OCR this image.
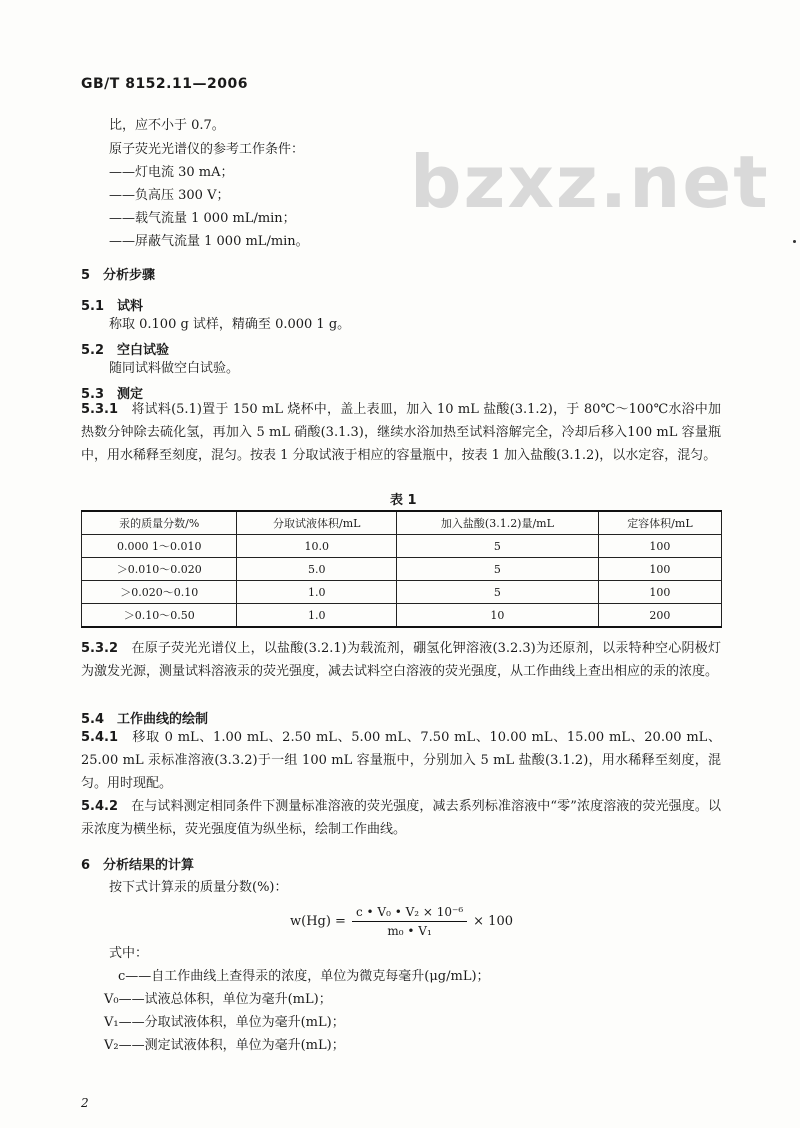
GB/T 8152.11—2006
bzxz.net
比，应不小于 0.7。
原子荧光光谱仪的参考工作条件：
——灯电流 30 mA；
——负高压 300 V；
——载气流量 1 000 mL/min；
——屏蔽气流量 1 000 mL/min。
5　分析步骤
5.1　试料
称取 0.100 g 试样，精确至 0.000 1 g。
5.2　空白试验
随同试料做空白试验。
5.3　测定
5.3.1　 将试料(5.1)置于 150 mL 烧杯中，盖上表皿，加入 10 mL 盐酸(3.1.2)，于 80℃～100℃水浴中加热数分钟除去硫化氢，再加入 5 mL 硝酸(3.1.3)，继续水浴加热至试料溶解完全，冷却后移入100 mL 容量瓶中，用水稀释至刻度，混匀。按表 1 分取试液于相应的容量瓶中，按表 1 加入盐酸(3.1.2)，以水定容，混匀。
表 1
汞的质量分数/%	分取试液体积/mL	加入盐酸(3.1.2)量/mL	定容体积/mL
0.000 1～0.010	10.0	5	100
＞0.010～0.020	5.0	5	100
＞0.020～0.10	1.0	5	100
＞0.10～0.50	1.0	10	200
5.3.2　 在原子荧光光谱仪上，以盐酸(3.2.1)为载流剂，硼氢化钾溶液(3.2.3)为还原剂，以汞特种空心阴极灯为激发光源，测量试料溶液汞的荧光强度，减去试料空白溶液的荧光强度，从工作曲线上查出相应的汞的浓度。
5.4　工作曲线的绘制
5.4.1　 移取 0 mL、1.00 mL、2.50 mL、5.00 mL、7.50 mL、10.00 mL、15.00 mL、20.00 mL、25.00 mL 汞标准溶液(3.3.2)于一组 100 mL 容量瓶中，分别加入 5 mL 盐酸(3.1.2)，用水稀释至刻度，混匀。用时现配。
5.4.2　 在与试料测定相同条件下测量标准溶液的荧光强度，减去系列标准溶液中“零”浓度溶液的荧光强度。以汞浓度为横坐标，荧光强度值为纵坐标，绘制工作曲线。
6　分析结果的计算
按下式计算汞的质量分数(%)：
$w(Hg) = \frac{\text{c • V₀ • V₂ × 10⁻⁶}}{\text{m₀ • V₁}} \times 100$
式中：
c——自工作曲线上查得汞的浓度，单位为微克每毫升(μg/mL)；
V₀——试液总体积，单位为毫升(mL)；
V₁——分取试液体积，单位为毫升(mL)；
V₂——测定试液体积，单位为毫升(mL)；
2
